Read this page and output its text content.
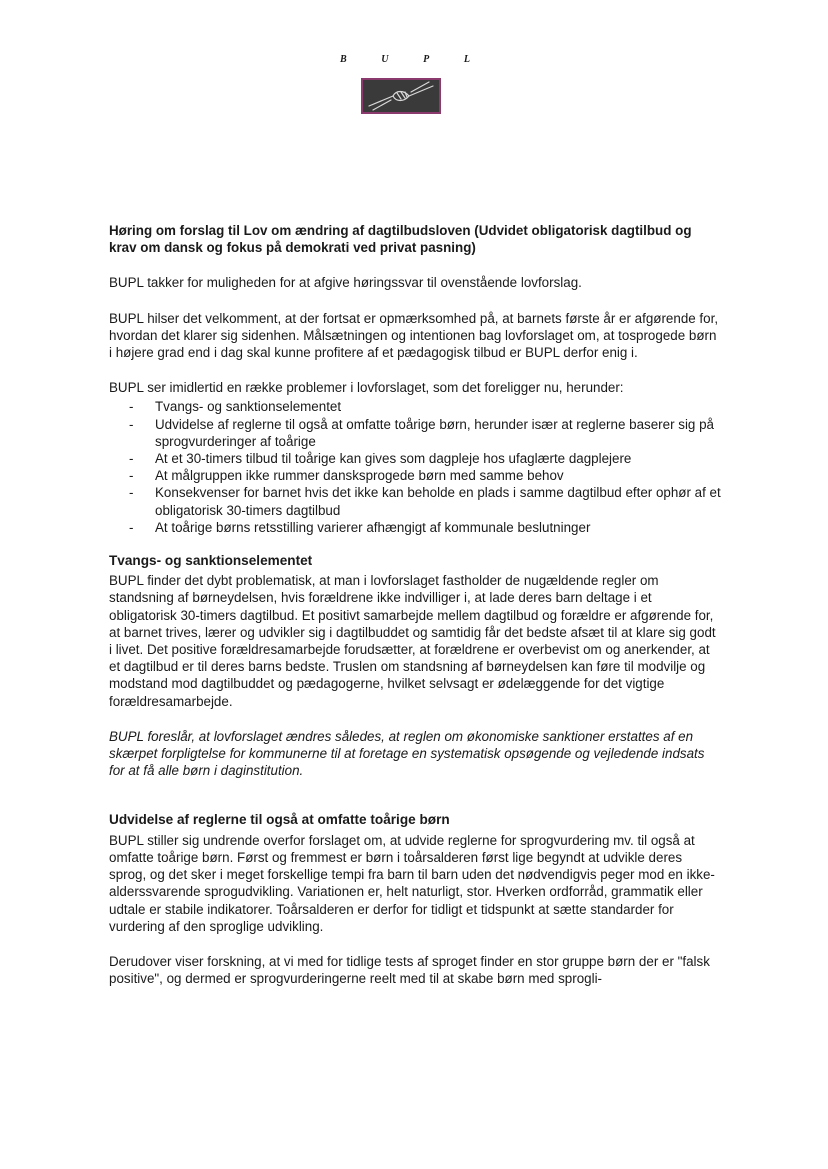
B	U	P	L

Høring om forslag til Lov om ændring af dagtilbudsloven (Udvidet obligatorisk dagtilbud og krav om dansk og fokus på demokrati ved privat pasning)

BUPL takker for muligheden for at afgive høringssvar til ovenstående lovforslag.

BUPL hilser det velkomment, at der fortsat er opmærksomhed på, at barnets første år er afgørende for, hvordan det klarer sig sidenhen. Målsætningen og intentionen bag lovforslaget om, at tosprogede børn i højere grad end i dag skal kunne profitere af et pædagogisk tilbud er BUPL derfor enig i.

BUPL ser imidlertid en række problemer i lovforslaget, som det foreligger nu, herunder:

- Tvangs- og sanktionselementet
- Udvidelse af reglerne til også at omfatte toårige børn, herunder især at reglerne baserer sig på sprogvurderinger af toårige
- At et 30-timers tilbud til toårige kan gives som dagpleje hos ufaglærte dagplejere
- At målgruppen ikke rummer dansksprogede børn med samme behov
- Konsekvenser for barnet hvis det ikke kan beholde en plads i samme dagtilbud efter ophør af et obligatorisk 30-timers dagtilbud
- At toårige børns retsstilling varierer afhængigt af kommunale beslutninger
Tvangs- og sanktionselementet

BUPL finder det dybt problematisk, at man i lovforslaget fastholder de nugældende regler om standsning af børneydelsen, hvis forældrene ikke indvilliger i, at lade deres barn deltage i et obligatorisk 30-timers dagtilbud. Et positivt samarbejde mellem dagtilbud og forældre er afgørende for, at barnet trives, lærer og udvikler sig i dagtilbuddet og samtidig får det bedste afsæt til at klare sig godt i livet. Det positive forældresamarbejde forudsætter, at forældrene er overbevist om og anerkender, at et dagtilbud er til deres barns bedste. Truslen om standsning af børneydelsen kan føre til modvilje og modstand mod dagtilbuddet og pædagogerne, hvilket selvsagt er ødelæggende for det vigtige forældresamarbejde.

BUPL foreslår, at lovforslaget ændres således, at reglen om økonomiske sanktioner erstattes af en skærpet forpligtelse for kommunerne til at foretage en systematisk opsøgende og vejledende indsats for at få alle børn i daginstitution.

Udvidelse af reglerne til også at omfatte toårige børn

BUPL stiller sig undrende overfor forslaget om, at udvide reglerne for sprogvurdering mv. til også at omfatte toårige børn. Først og fremmest er børn i toårsalderen først lige begyndt at udvikle deres sprog, og det sker i meget forskellige tempi fra barn til barn uden det nødvendigvis peger mod en ikke-alderssvarende sprogudvikling. Variationen er, helt naturligt, stor. Hverken ordforråd, grammatik eller udtale er stabile indikatorer. Toårsalderen er derfor for tidligt et tidspunkt at sætte standarder for vurdering af den sproglige udvikling.

Derudover viser forskning, at vi med for tidlige tests af sproget finder en stor gruppe børn der er "falsk positive", og dermed er sprogvurderingerne reelt med til at skabe børn med sprogli-
